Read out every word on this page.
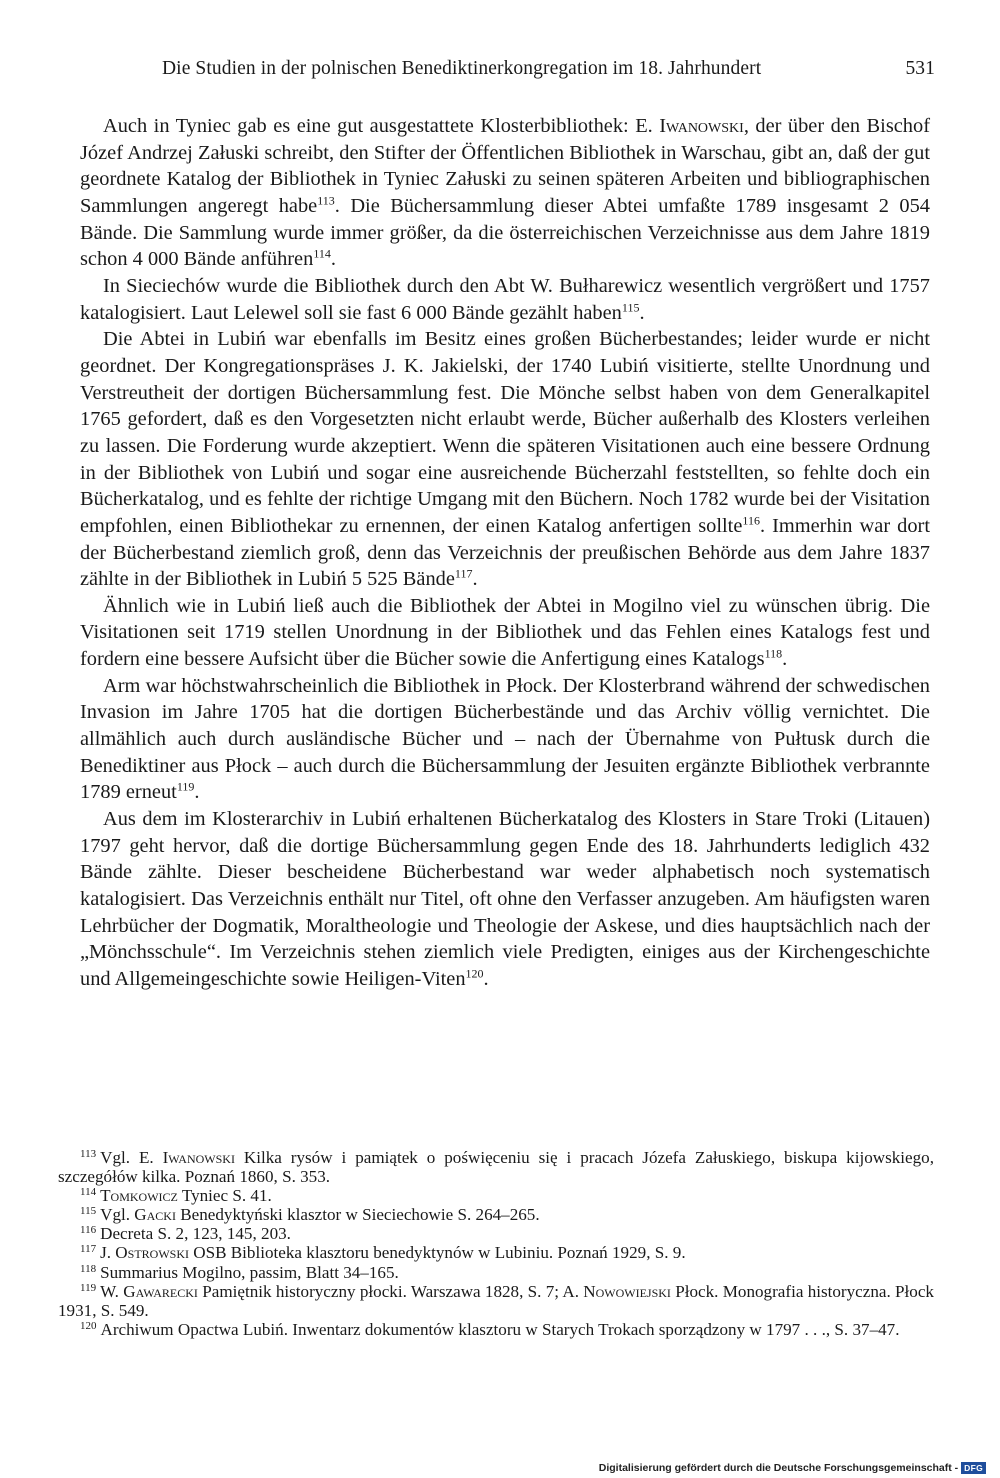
Die Studien in der polnischen Benediktinerkongregation im 18. Jahrhundert	531

Auch in Tyniec gab es eine gut ausgestattete Klosterbibliothek: E. Iwanowski, der über den Bischof Józef Andrzej Załuski schreibt, den Stifter der Öffentlichen Bibliothek in Warschau, gibt an, daß der gut geordnete Katalog der Bibliothek in Tyniec Załuski zu seinen späteren Arbeiten und bibliographischen Sammlungen angeregt habe$^{113}$. Die Büchersammlung dieser Abtei umfaßte 1789 insgesamt 2 054 Bände. Die Sammlung wurde immer größer, da die österreichischen Verzeichnisse aus dem Jahre 1819 schon 4 000 Bände anführen$^{114}$.

In Sieciechów wurde die Bibliothek durch den Abt W. Bułharewicz wesentlich vergrößert und 1757 katalogisiert. Laut Lelewel soll sie fast 6 000 Bände gezählt haben$^{115}$.

Die Abtei in Lubiń war ebenfalls im Besitz eines großen Bücherbestandes; leider wurde er nicht geordnet. Der Kongregationspräses J. K. Jakielski, der 1740 Lubiń visitierte, stellte Unordnung und Verstreutheit der dortigen Büchersammlung fest. Die Mönche selbst haben von dem Generalkapitel 1765 gefordert, daß es den Vorgesetzten nicht erlaubt werde, Bücher außerhalb des Klosters verleihen zu lassen. Die Forderung wurde akzeptiert. Wenn die späteren Visitationen auch eine bessere Ordnung in der Bibliothek von Lubiń und sogar eine ausreichende Bücherzahl feststellten, so fehlte doch ein Bücherkatalog, und es fehlte der richtige Umgang mit den Büchern. Noch 1782 wurde bei der Visitation empfohlen, einen Bibliothekar zu ernennen, der einen Katalog anfertigen sollte$^{116}$. Immerhin war dort der Bücherbestand ziemlich groß, denn das Verzeichnis der preußischen Behörde aus dem Jahre 1837 zählte in der Bibliothek in Lubiń 5 525 Bände$^{117}$.

Ähnlich wie in Lubiń ließ auch die Bibliothek der Abtei in Mogilno viel zu wünschen übrig. Die Visitationen seit 1719 stellen Unordnung in der Bibliothek und das Fehlen eines Katalogs fest und fordern eine bessere Aufsicht über die Bücher sowie die Anfertigung eines Katalogs$^{118}$.

Arm war höchstwahrscheinlich die Bibliothek in Płock. Der Klosterbrand während der schwedischen Invasion im Jahre 1705 hat die dortigen Bücherbestände und das Archiv völlig vernichtet. Die allmählich auch durch ausländische Bücher und – nach der Übernahme von Pułtusk durch die Benediktiner aus Płock – auch durch die Büchersammlung der Jesuiten ergänzte Bibliothek verbrannte 1789 erneut$^{119}$.

Aus dem im Klosterarchiv in Lubiń erhaltenen Bücherkatalog des Klosters in Stare Troki (Litauen) 1797 geht hervor, daß die dortige Büchersammlung gegen Ende des 18. Jahrhunderts lediglich 432 Bände zählte. Dieser bescheidene Bücherbestand war weder alphabetisch noch systematisch katalogisiert. Das Verzeichnis enthält nur Titel, oft ohne den Verfasser anzugeben. Am häufigsten waren Lehrbücher der Dogmatik, Moraltheologie und Theologie der Askese, und dies hauptsächlich nach der „Mönchsschule“. Im Verzeichnis stehen ziemlich viele Predigten, einiges aus der Kirchengeschichte und Allgemeingeschichte sowie Heiligen-Viten$^{120}$.

$^{113}$ Vgl. E. Iwanowski Kilka rysów i pamiątek o poświęceniu się i pracach Józefa Załuskiego, biskupa kijowskiego, szczegółów kilka. Poznań 1860, S. 353.

$^{114}$ Tomkowicz Tyniec S. 41.

$^{115}$ Vgl. Gacki Benedyktyński klasztor w Sieciechowie S. 264–265.

$^{116}$ Decreta S. 2, 123, 145, 203.

$^{117}$ J. Ostrowski OSB Biblioteka klasztoru benedyktynów w Lubiniu. Poznań 1929, S. 9.

$^{118}$ Summarius Mogilno, passim, Blatt 34–165.

$^{119}$ W. Gawarecki Pamiętnik historyczny płocki. Warszawa 1828, S. 7; A. Nowowiejski Płock. Monografia historyczna. Płock 1931, S. 549.

$^{120}$ Archiwum Opactwa Lubiń. Inwentarz dokumentów klasztoru w Starych Trokach sporządzony w 1797 . . ., S. 37–47.

Digitalisierung gefördert durch die Deutsche Forschungsgemeinschaft - DFG
